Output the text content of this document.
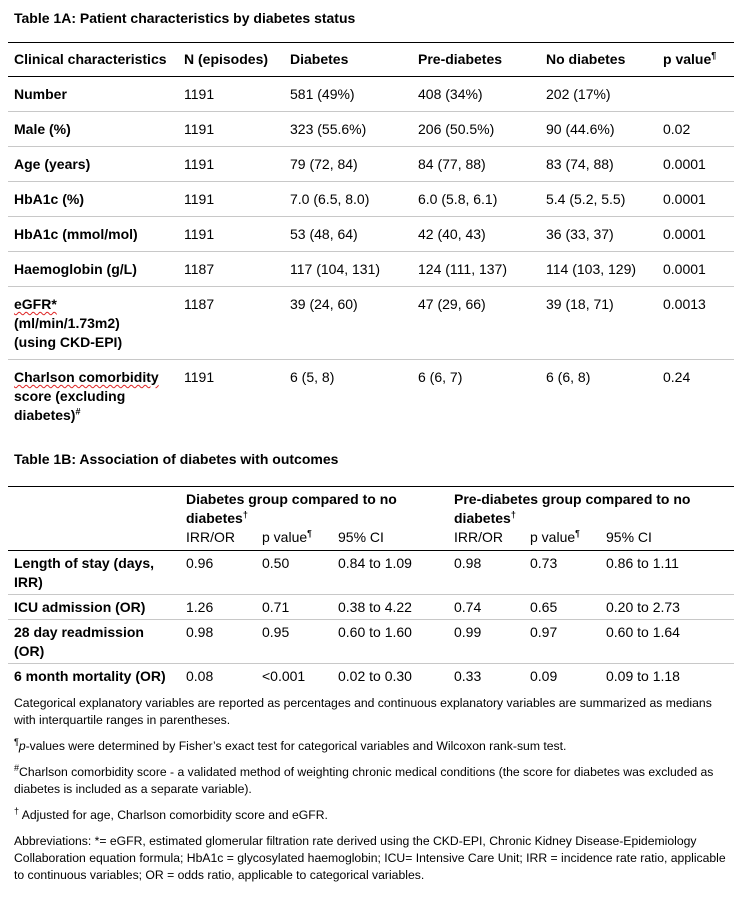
Table 1A: Patient characteristics by diabetes status
Clinical characteristics	N (episodes)	Diabetes	Pre-diabetes	No diabetes	p value¶
Number	1191	581 (49%)	408 (34%)	202 (17%)	
Male (%)	1191	323 (55.6%)	206 (50.5%)	90 (44.6%)	0.02
Age (years)	1191	79 (72, 84)	84 (77, 88)	83 (74, 88)	0.0001
HbA1c (%)	1191	7.0 (6.5, 8.0)	6.0 (5.8, 6.1)	5.4 (5.2, 5.5)	0.0001
HbA1c (mmol/mol)	1191	53 (48, 64)	42 (40, 43)	36 (33, 37)	0.0001
Haemoglobin (g/L)	1187	117 (104, 131)	124 (111, 137)	114 (103, 129)	0.0001
eGFR*
(ml/min/1.73m2)
(using CKD-EPI)	1187	39 (24, 60)	47 (29, 66)	39 (18, 71)	0.0013
Charlson comorbidity
score (excluding
diabetes)#	1191	6 (5, 8)	6 (6, 7)	6 (6, 8)	0.24
Table 1B: Association of diabetes with outcomes
	Diabetes group compared to no diabetes†			Pre-diabetes group compared to no diabetes†
	IRR/OR	p value¶	95% CI	IRR/OR	p value¶	95% CI
Length of stay (days, IRR)	0.96	0.50	0.84 to 1.09	0.98	0.73	0.86 to 1.11
ICU admission (OR)	1.26	0.71	0.38 to 4.22	0.74	0.65	0.20 to 2.73
28 day readmission (OR)	0.98	0.95	0.60 to 1.60	0.99	0.97	0.60 to 1.64
6 month mortality (OR)	0.08	<0.001	0.02 to 0.30	0.33	0.09	0.09 to 1.18

Categorical explanatory variables are reported as percentages and continuous explanatory variables are summarized as medians with interquartile ranges in parentheses.

¶p-values were determined by Fisher’s exact test for categorical variables and Wilcoxon rank-sum test.

#Charlson comorbidity score - a validated method of weighting chronic medical conditions (the score for diabetes was excluded as diabetes is included as a separate variable).

† Adjusted for age, Charlson comorbidity score and eGFR.

Abbreviations: *= eGFR, estimated glomerular filtration rate derived using the CKD-EPI, Chronic Kidney Disease-Epidemiology Collaboration equation formula; HbA1c = glycosylated haemoglobin; ICU= Intensive Care Unit; IRR = incidence rate ratio, applicable to continuous variables; OR = odds ratio, applicable to categorical variables.
